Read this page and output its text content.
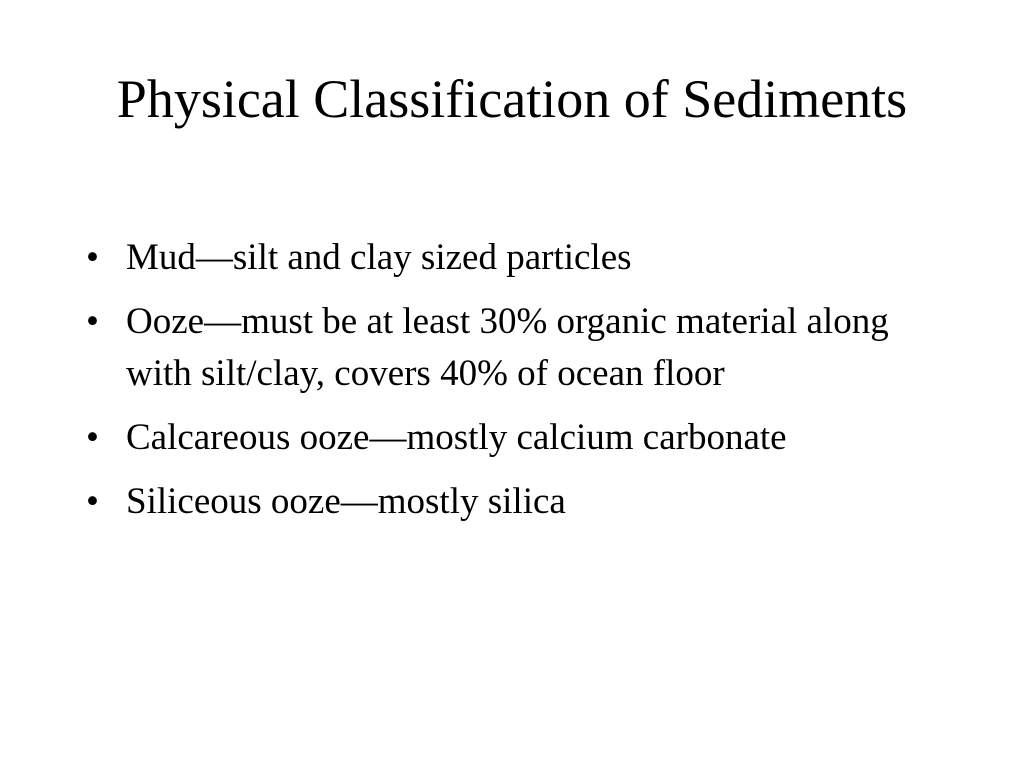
Physical Classification of Sediments
• Mud—silt and clay sized particles
• Ooze—must be at least 30% organic material along with silt/clay, covers 40% of ocean floor
• Calcareous ooze—mostly calcium carbonate
• Siliceous ooze—mostly silica
